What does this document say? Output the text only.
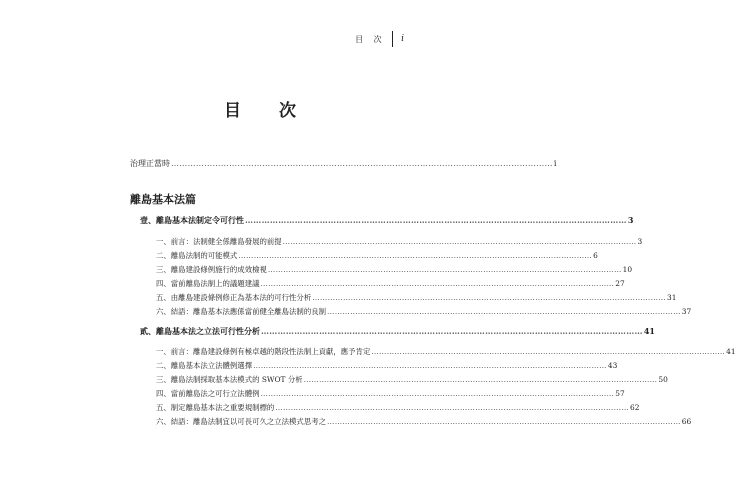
目 次 i
目 次
治理正當時 ………………………………………………………………………………………………………………………… i
離島基本法篇
壹、離島基本法制定令可行性 ………………………………………………………………………………………………………………………… 3
一、前言：法制健全係離島發展的前提 ………………………………………………………………………………………………………………………… 3
二、離島法制的可能模式 ………………………………………………………………………………………………………………………… 6
三、離島建設條例施行的成效檢視 ………………………………………………………………………………………………………………………… 10
四、當前離島法制上的議題建議 ………………………………………………………………………………………………………………………… 27
五、由離島建設條例修正為基本法的可行性分析 ………………………………………………………………………………………………………………………… 31
六、結語：離島基本法應係當前健全離島法制的良制 ………………………………………………………………………………………………………………………… 37
貳、離島基本法之立法可行性分析 ………………………………………………………………………………………………………………………… 41
一、前言：離島建設條例有極卓越的階段性法制上貢獻，應予肯定 ………………………………………………………………………………………………………………………… 41
二、離島基本法立法體例選擇 ………………………………………………………………………………………………………………………… 43
三、離島法制採取基本法模式的 SWOT 分析 ………………………………………………………………………………………………………………………… 50
四、當前離島法之可行立法體例 ………………………………………………………………………………………………………………………… 57
五、制定離島基本法之重要規制標的 ………………………………………………………………………………………………………………………… 62
六、結語：離島法制宜以可長可久之立法模式思考之 ………………………………………………………………………………………………………………………… 66
